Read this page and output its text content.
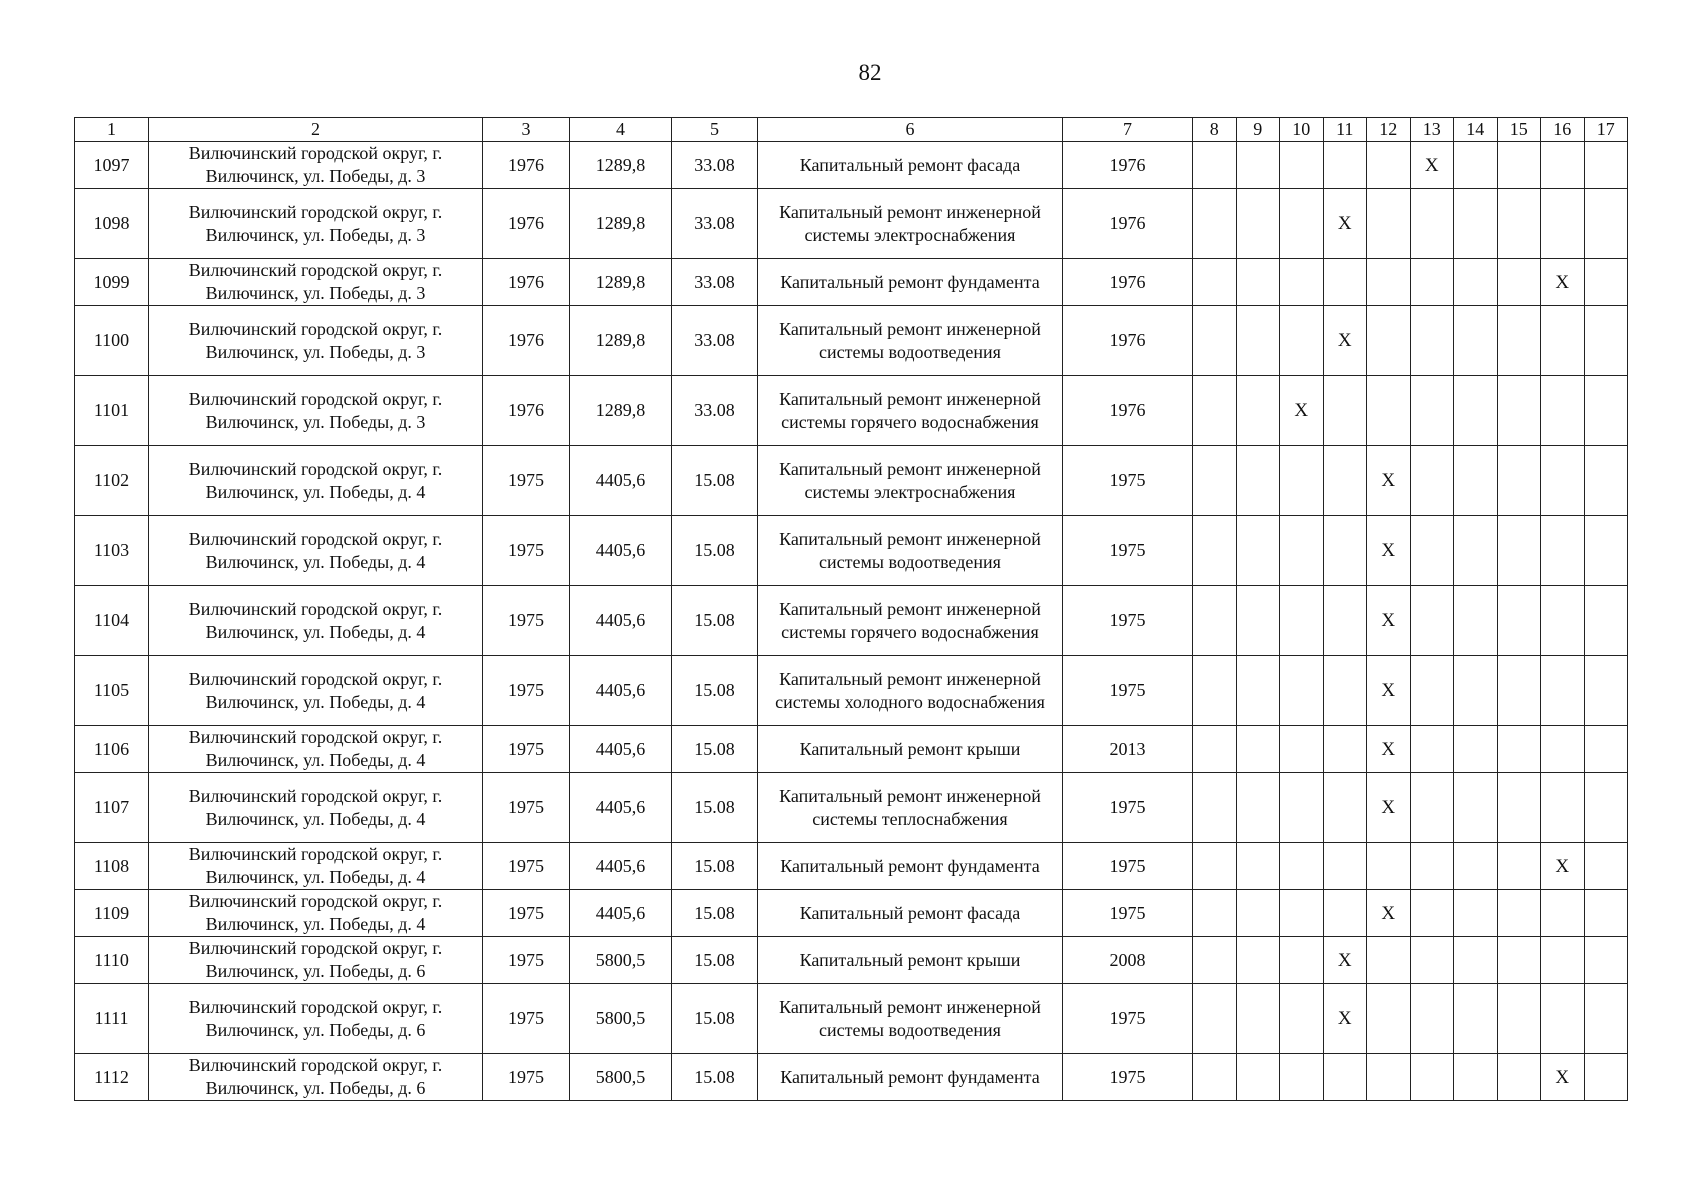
82
1	2	3	4	5	6	7	8	9	10	11	12	13	14	15	16	17
1097	Вилючинский городской округ, г. Вилючинск, ул. Победы, д. 3	1976	1289,8	33.08	Капитальный ремонт фасада	1976						X				
1098	Вилючинский городской округ, г. Вилючинск, ул. Победы, д. 3	1976	1289,8	33.08	Капитальный ремонт инженерной системы электроснабжения	1976				X						
1099	Вилючинский городской округ, г. Вилючинск, ул. Победы, д. 3	1976	1289,8	33.08	Капитальный ремонт фундамента	1976									X	
1100	Вилючинский городской округ, г. Вилючинск, ул. Победы, д. 3	1976	1289,8	33.08	Капитальный ремонт инженерной системы водоотведения	1976				X						
1101	Вилючинский городской округ, г. Вилючинск, ул. Победы, д. 3	1976	1289,8	33.08	Капитальный ремонт инженерной системы горячего водоснабжения	1976			X							
1102	Вилючинский городской округ, г. Вилючинск, ул. Победы, д. 4	1975	4405,6	15.08	Капитальный ремонт инженерной системы электроснабжения	1975					X					
1103	Вилючинский городской округ, г. Вилючинск, ул. Победы, д. 4	1975	4405,6	15.08	Капитальный ремонт инженерной системы водоотведения	1975					X					
1104	Вилючинский городской округ, г. Вилючинск, ул. Победы, д. 4	1975	4405,6	15.08	Капитальный ремонт инженерной системы горячего водоснабжения	1975					X					
1105	Вилючинский городской округ, г. Вилючинск, ул. Победы, д. 4	1975	4405,6	15.08	Капитальный ремонт инженерной системы холодного водоснабжения	1975					X					
1106	Вилючинский городской округ, г. Вилючинск, ул. Победы, д. 4	1975	4405,6	15.08	Капитальный ремонт крыши	2013					X					
1107	Вилючинский городской округ, г. Вилючинск, ул. Победы, д. 4	1975	4405,6	15.08	Капитальный ремонт инженерной системы теплоснабжения	1975					X					
1108	Вилючинский городской округ, г. Вилючинск, ул. Победы, д. 4	1975	4405,6	15.08	Капитальный ремонт фундамента	1975									X	
1109	Вилючинский городской округ, г. Вилючинск, ул. Победы, д. 4	1975	4405,6	15.08	Капитальный ремонт фасада	1975					X					
1110	Вилючинский городской округ, г. Вилючинск, ул. Победы, д. 6	1975	5800,5	15.08	Капитальный ремонт крыши	2008				X						
1111	Вилючинский городской округ, г. Вилючинск, ул. Победы, д. 6	1975	5800,5	15.08	Капитальный ремонт инженерной системы водоотведения	1975				X						
1112	Вилючинский городской округ, г. Вилючинск, ул. Победы, д. 6	1975	5800,5	15.08	Капитальный ремонт фундамента	1975									X	
